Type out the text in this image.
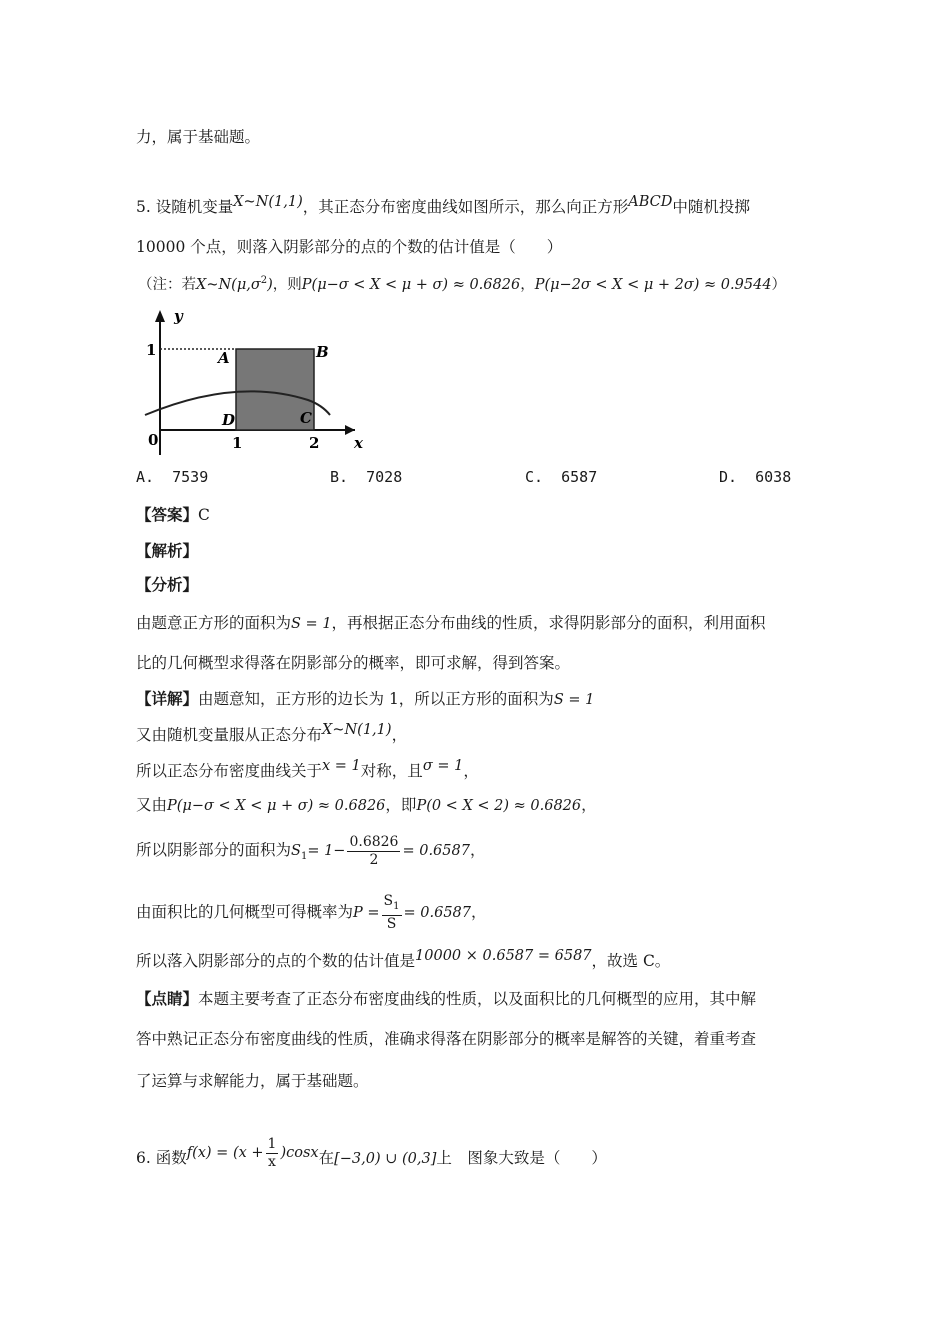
力，属于基础题。
5. 设随机变量X~N(1,1)，其正态分布密度曲线如图所示，那么向正方形ABCD中随机投掷
10000 个点，则落入阴影部分的点的个数的估计值是（　　）
（注：若$X\sim N(\mu,\sigma^2)$，则P(μ−σ < X < μ + σ) ≈ 0.6826，P(μ−2σ < X < μ + 2σ) ≈ 0.9544）
y
x
1
0	1	2
A	B
C
D
A. 7539	B. 7028	C. 6587	D. 6038
【答案】C
【解析】
【分析】
由题意正方形的面积为S = 1，再根据正态分布曲线的性质，求得阴影部分的面积，利用面积
比的几何概型求得落在阴影部分的概率，即可求解，得到答案。
【详解】由题意知，正方形的边长为 1，所以正方形的面积为S = 1
又由随机变量服从正态分布X~N(1,1)，
所以正态分布密度曲线关于x = 1对称，且σ = 1，
又由P(μ−σ < X < μ + σ) ≈ 0.6826，即P(0 < X < 2) ≈ 0.6826，
所以阴影部分的面积为$S_1= 1- \frac{0.6826}{2} = 0.6587$，
由面积比的几何概型可得概率为$P = \frac{S_1}{S} = 0.6587$，
所以落入阴影部分的点的个数的估计值是10000 × 0.6587 = 6587，故选 C。
【点睛】本题主要考查了正态分布密度曲线的性质，以及面积比的几何概型的应用，其中解
答中熟记正态分布密度曲线的性质，准确求得落在阴影部分的概率是解答的关键，着重考查
了运算与求解能力，属于基础题。
6. 函数$f(x) = (x + \frac{1}{x} )\cos x$在[−3,0) ∪ (0,3]上　图象大致是（　　）
